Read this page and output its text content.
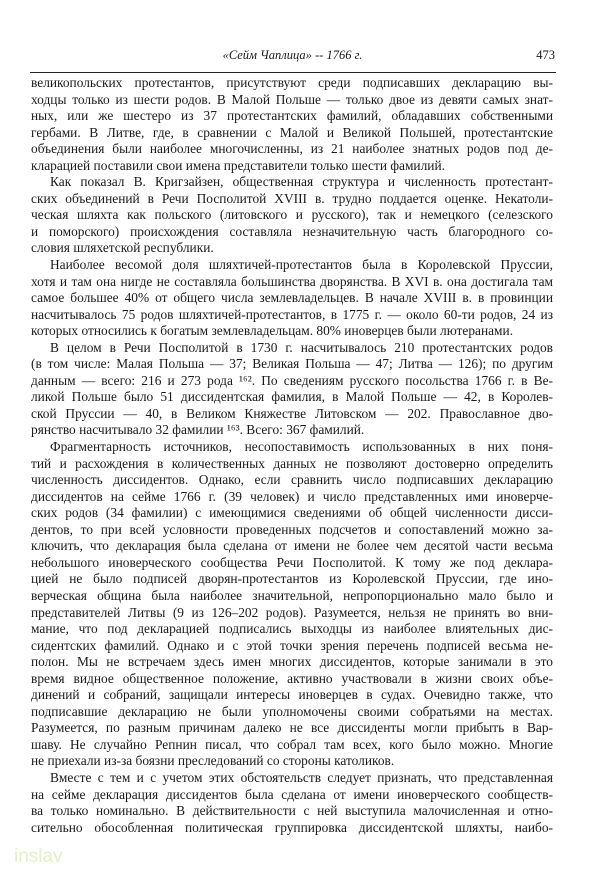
«Сейм Чаплица» -- 1766 г.	473
великопольских протестантов, присутствуют среди подписавших декларацию вы-
ходцы только из шести родов. В Малой Польше — только двое из девяти самых знат-
ных, или же шестеро из 37 протестантских фамилий, обладавших собственными
гербами. В Литве, где, в сравнении с Малой и Великой Польшей, протестантские
объединения были наиболее многочисленны, из 21 наиболее знатных родов под де-
кларацией поставили свои имена представители только шести фамилий.
Как показал В. Кригзайзен, общественная структура и численность протестант-
ских объединений в Речи Посполитой XVIII в. трудно поддается оценке. Некатоли-
ческая шляхта как польского (литовского и русского), так и немецкого (селезского
и поморского) происхождения составляла незначительную часть благородного со-
словия шляхетской республики.
Наиболее весомой доля шляхтичей-протестантов была в Королевской Пруссии,
хотя и там она нигде не составляла большинства дворянства. В XVI в. она достигала там
самое большее 40% от общего числа землевладельцев. В начале XVIII в. в провинции
насчитывалось 75 родов шляхтичей-протестантов, в 1775 г. — около 60-ти родов, 24 из
которых относились к богатым землевладельцам. 80% иноверцев были лютеранами.
В целом в Речи Посполитой в 1730 г. насчитывалось 210 протестантских родов
(в том числе: Малая Польша — 37; Великая Польша — 47; Литва — 126); по другим
данным — всего: 216 и 273 рода ¹⁶². По сведениям русского посольства 1766 г. в Ве-
ликой Польше было 51 диссидентская фамилия, в Малой Польше — 42, в Королев-
ской Пруссии — 40, в Великом Княжестве Литовском — 202. Православное дво-
рянство насчитывало 32 фамилии ¹⁶³. Всего: 367 фамилий.
Фрагментарность источников, несопоставимость использованных в них поня-
тий и расхождения в количественных данных не позволяют достоверно определить
численность диссидентов. Однако, если сравнить число подписавших декларацию
диссидентов на сейме 1766 г. (39 человек) и число представленных ими иноверче-
ских родов (34 фамилии) с имеющимися сведениями об общей численности дисси-
дентов, то при всей условности проведенных подсчетов и сопоставлений можно за-
ключить, что декларация была сделана от имени не более чем десятой части весьма
небольшого иноверческого сообщества Речи Посполитой. К тому же под деклара-
цией не было подписей дворян-протестантов из Королевской Пруссии, где ино-
верческая община была наиболее значительной, непропорционально мало было и
представителей Литвы (9 из 126–202 родов). Разумеется, нельзя не принять во вни-
мание, что под декларацией подписались выходцы из наиболее влиятельных дис-
сидентских фамилий. Однако и с этой точки зрения перечень подписей весьма не-
полон. Мы не встречаем здесь имен многих диссидентов, которые занимали в это
время видное общественное положение, активно участвовали в жизни своих объе-
динений и собраний, защищали интересы иноверцев в судах. Очевидно также, что
подписавшие декларацию не были уполномочены своими собратьями на местах.
Разумеется, по разным причинам далеко не все диссиденты могли прибыть в Вар-
шаву. Не случайно Репнин писал, что собрал там всех, кого было можно. Многие
не приехали из-за боязни преследований со стороны католиков.
Вместе с тем и с учетом этих обстоятельств следует признать, что представленная
на сейме декларация диссидентов была сделана от имени иноверческого сообществ-
ва только номинально. В действительности с ней выступила малочисленная и отно-
сительно обособленная политическая группировка диссидентской шляхты, наибо-
inslav
